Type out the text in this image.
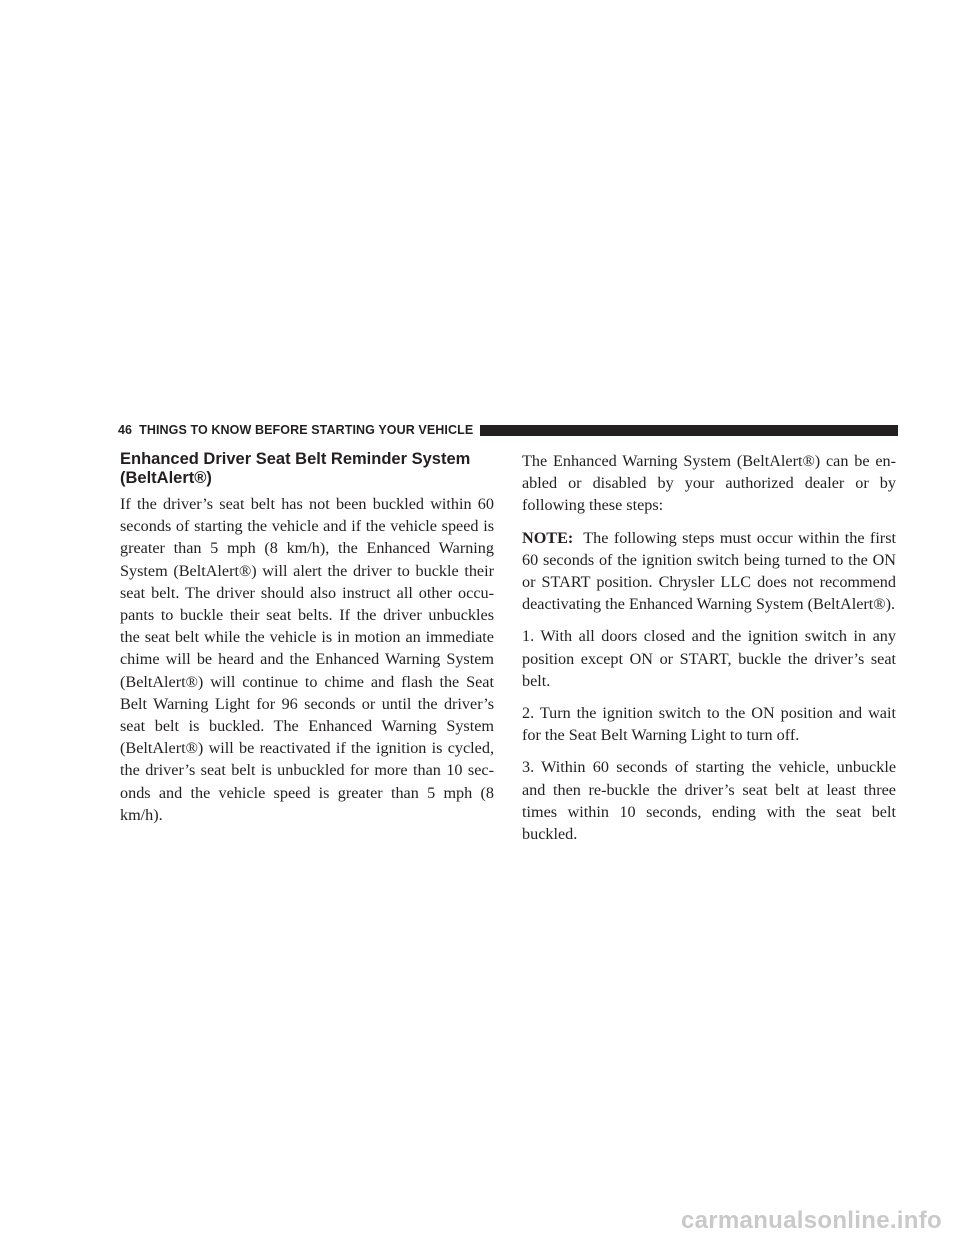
46 THINGS TO KNOW BEFORE STARTING YOUR VEHICLE
Enhanced Driver Seat Belt Reminder System (BeltAlert®)

If the driver’s seat belt has not been buckled within 60 seconds of starting the vehicle and if the vehicle speed is greater than 5 mph (8 km/h), the Enhanced Warning System (BeltAlert®) will alert the driver to buckle their seat belt. The driver should also instruct all other occupants to buckle their seat belts. If the driver unbuckles the seat belt while the vehicle is in motion an immediate chime will be heard and the Enhanced Warning System (BeltAlert®) will continue to chime and flash the Seat Belt Warning Light for 96 seconds or until the driver’s seat belt is buckled. The Enhanced Warning System (BeltAlert®) will be reactivated if the ignition is cycled, the driver’s seat belt is unbuckled for more than 10 seconds and the vehicle speed is greater than 5 mph (8 km/h).

The Enhanced Warning System (BeltAlert®) can be enabled or disabled by your authorized dealer or by following these steps:

NOTE: The following steps must occur within the first 60 seconds of the ignition switch being turned to the ON or START position. Chrysler LLC does not recommend deactivating the Enhanced Warning System (BeltAlert®).

1. With all doors closed and the ignition switch in any position except ON or START, buckle the driver’s seat belt.

2. Turn the ignition switch to the ON position and wait for the Seat Belt Warning Light to turn off.

3. Within 60 seconds of starting the vehicle, unbuckle and then re-buckle the driver’s seat belt at least three times within 10 seconds, ending with the seat belt buckled.

carmanualsonline.info
